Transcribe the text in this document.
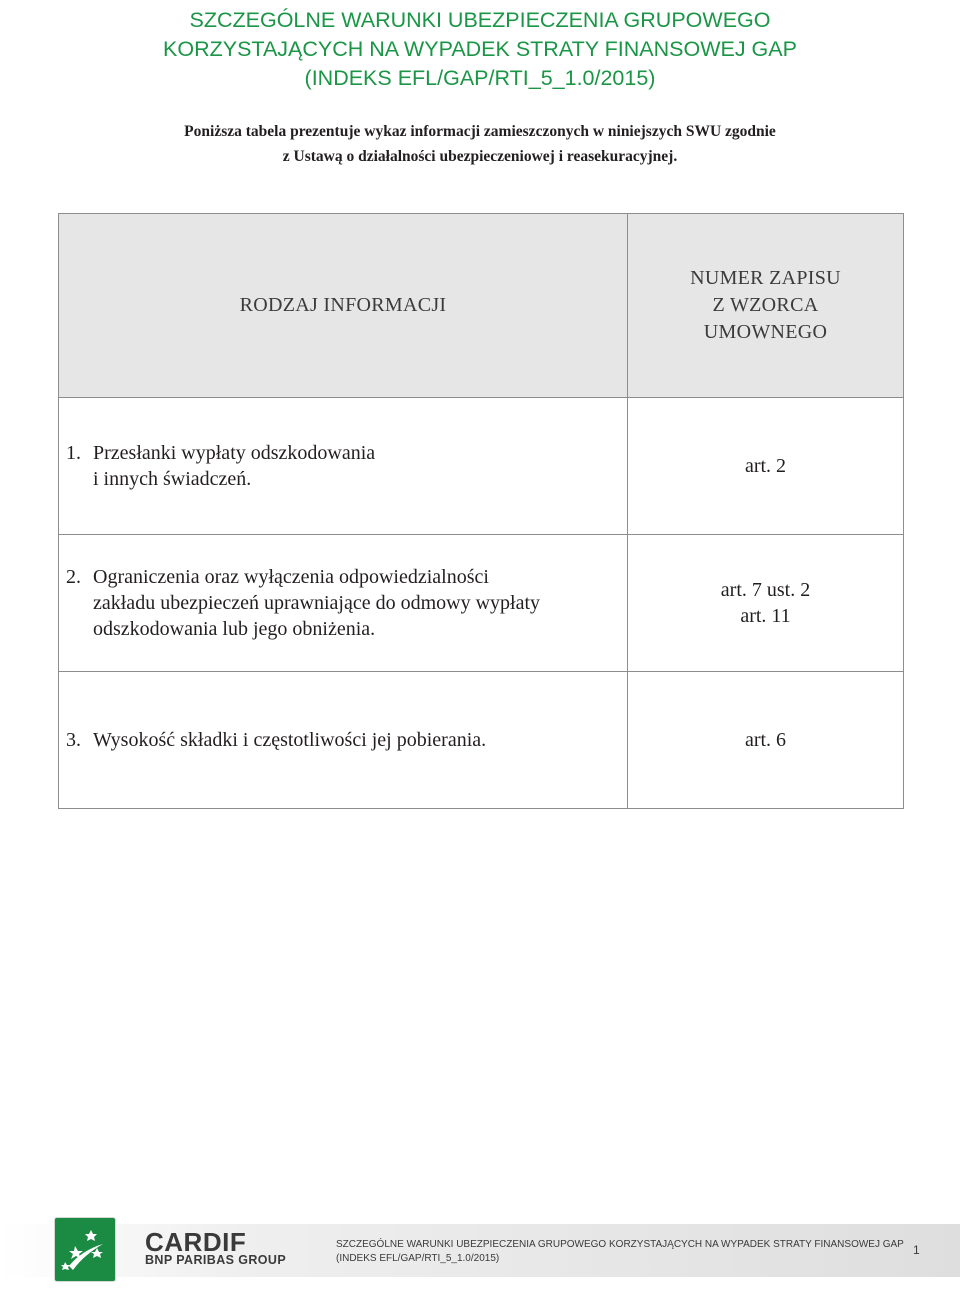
SZCZEGÓLNE WARUNKI UBEZPIECZENIA GRUPOWEGO
KORZYSTAJĄCYCH NA WYPADEK STRATY FINANSOWEJ GAP
(INDEKS EFL/GAP/RTI_5_1.0/2015)
Poniższa tabela prezentuje wykaz informacji zamieszczonych w niniejszych SWU zgodnie
z Ustawą o działalności ubezpieczeniowej i reasekuracyjnej.
RODZAJ INFORMACJI	NUMER ZAPISU
Z WZORCA
UMOWNEGO

1. Przesłanki wypłaty odszkodowania
i innych świadczeń.	art. 2

2. Ograniczenia oraz wyłączenia odpowiedzialności
zakładu ubezpieczeń uprawniające do odmowy wypłaty
odszkodowania lub jego obniżenia.	art. 7 ust. 2
art. 11

3. Wysokość składki i częstotliwości jej pobierania.	art. 6
CARDIF
BNP PARIBAS GROUP
SZCZEGÓLNE WARUNKI UBEZPIECZENIA GRUPOWEGO KORZYSTAJĄCYCH NA WYPADEK STRATY FINANSOWEJ GAP
(INDEKS EFL/GAP/RTI_5_1.0/2015)
1
